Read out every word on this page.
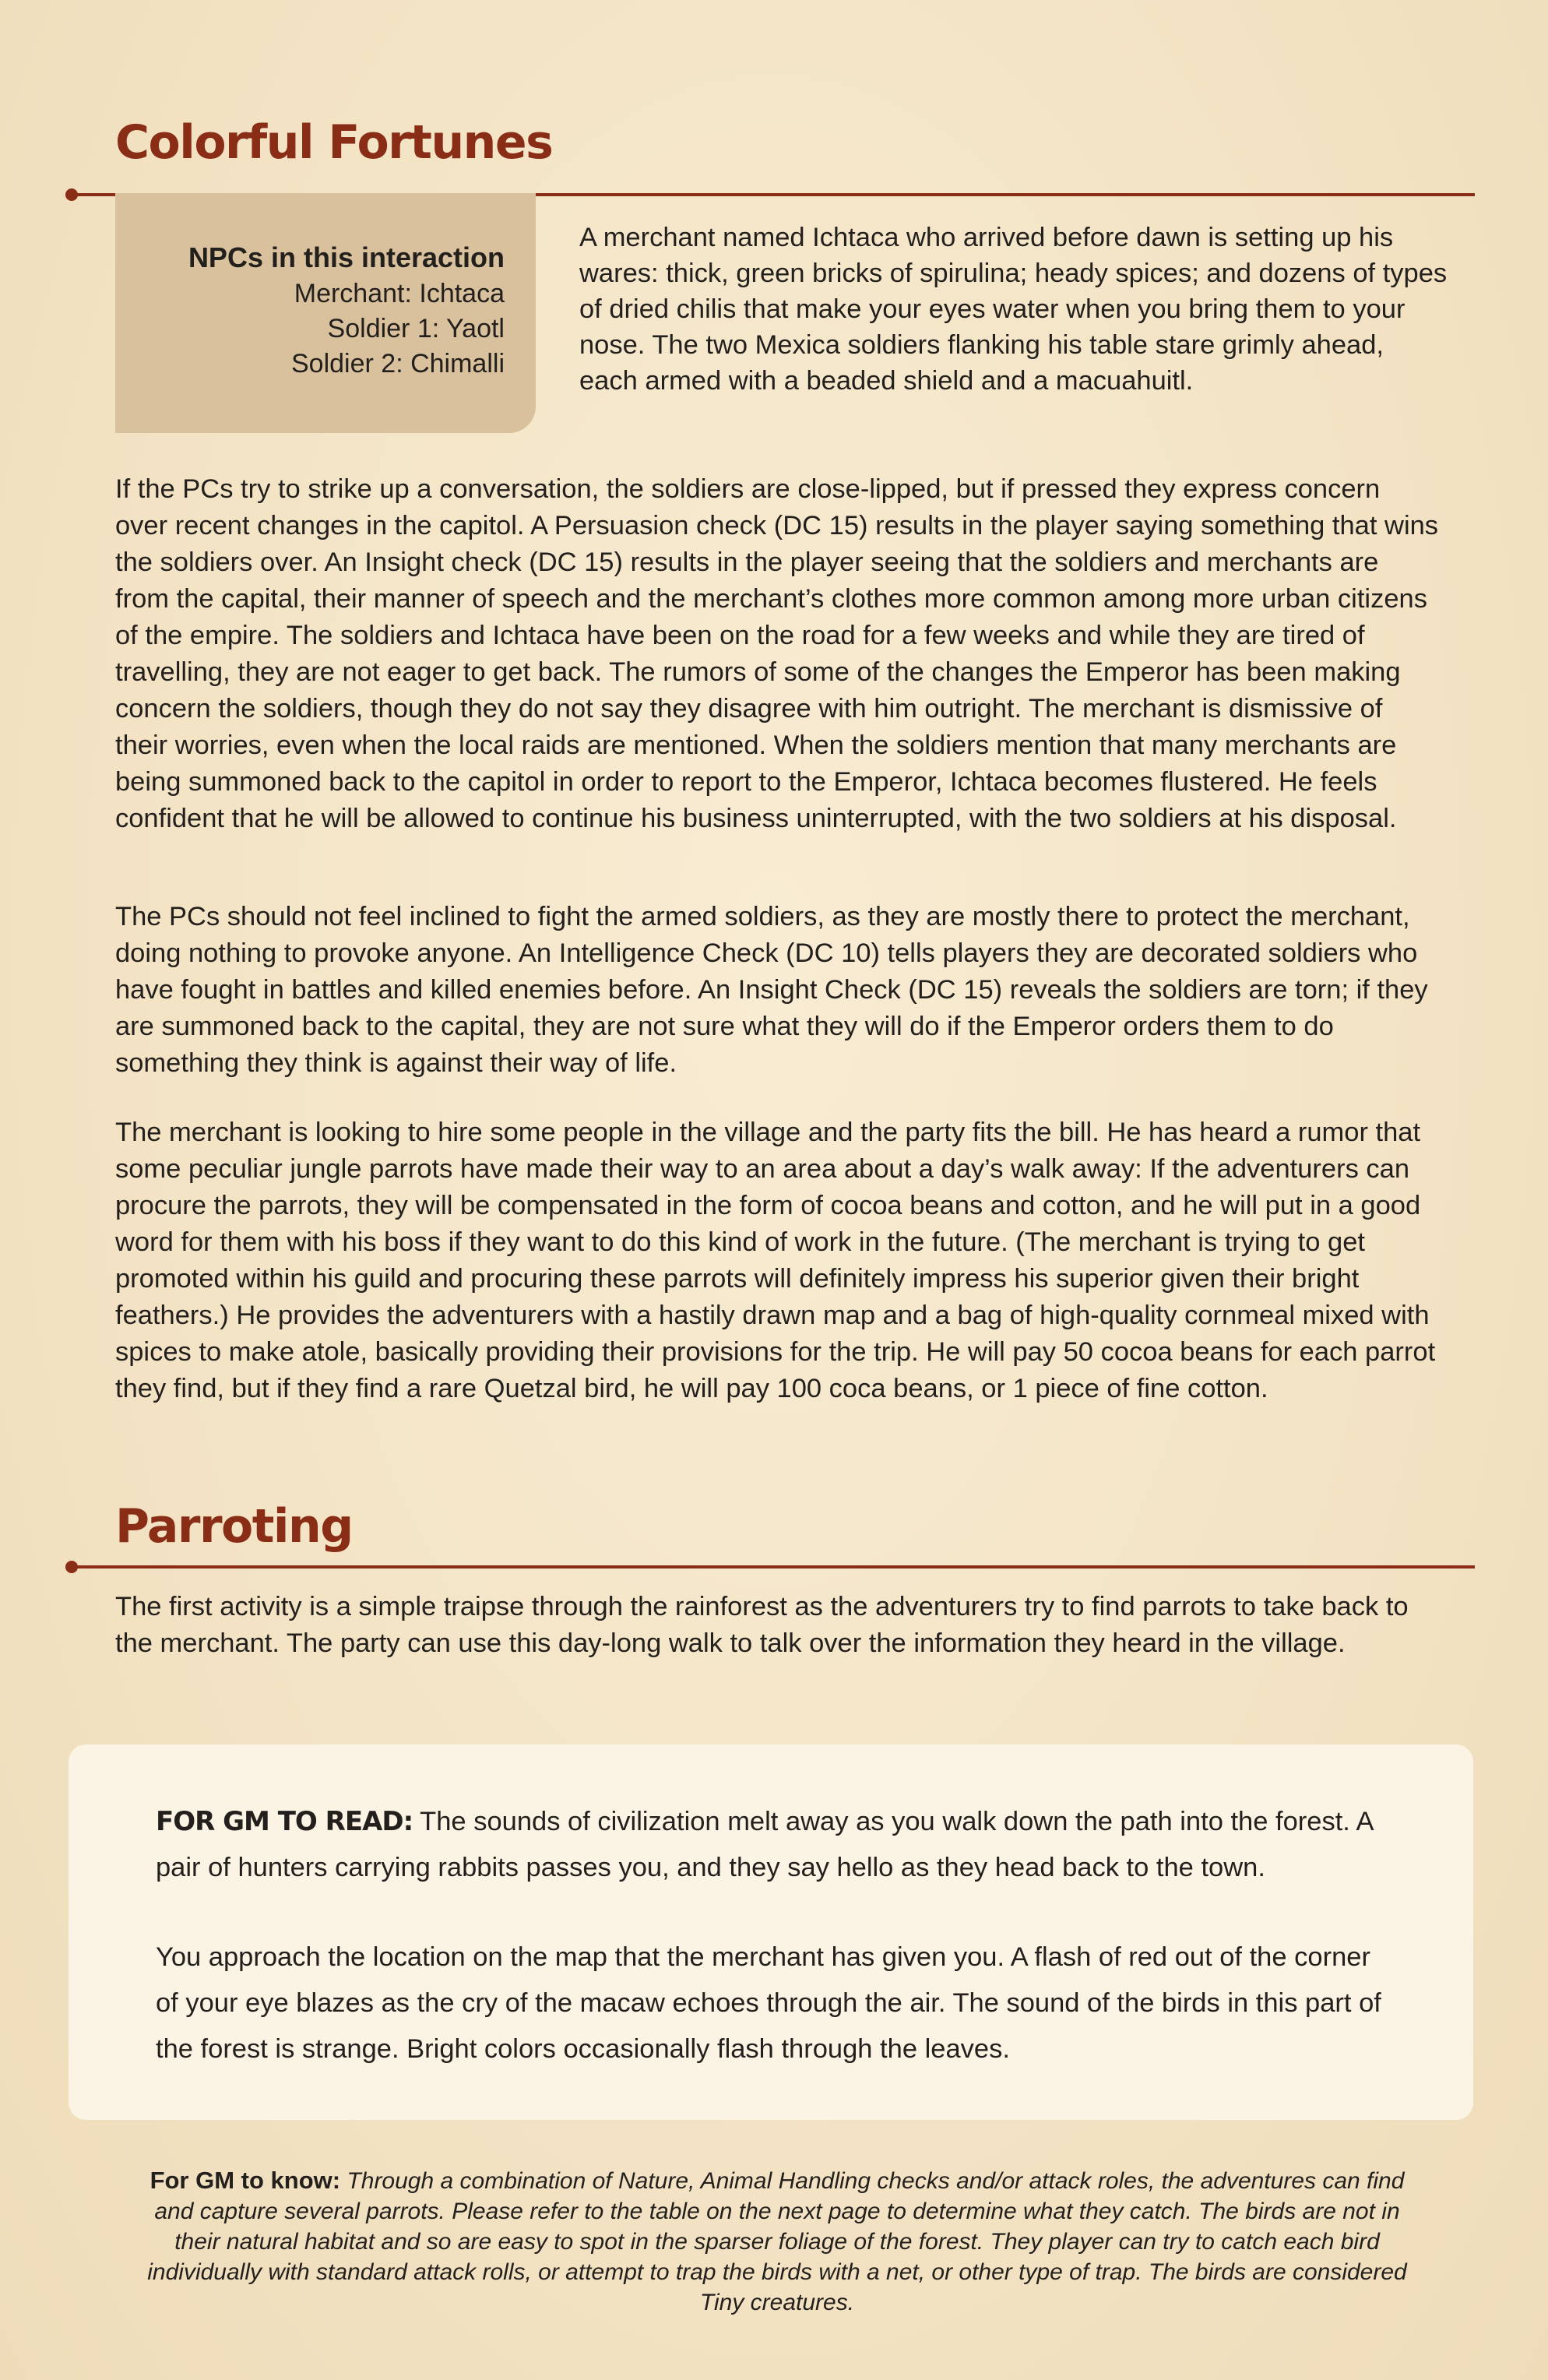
Colorful Fortunes
NPCs in this interaction
Merchant: Ichtaca
Soldier 1: Yaotl
Soldier 2: Chimalli

A merchant named Ichtaca who arrived before dawn is setting up his wares: thick, green bricks of spirulina; heady spices; and dozens of types of dried chilis that make your eyes water when you bring them to your nose. The two Mexica soldiers flanking his table stare grimly ahead, each armed with a beaded shield and a macuahuitl.

If the PCs try to strike up a conversation, the soldiers are close-lipped, but if pressed they express concern over recent changes in the capitol. A Persuasion check (DC 15) results in the player saying something that wins the soldiers over. An Insight check (DC 15) results in the player seeing that the soldiers and merchants are from the capital, their manner of speech and the merchant’s clothes more common among more urban citizens of the empire. The soldiers and Ichtaca have been on the road for a few weeks and while they are tired of travelling, they are not eager to get back. The rumors of some of the changes the Emperor has been making concern the soldiers, though they do not say they disagree with him outright. The merchant is dismissive of their worries, even when the local raids are mentioned. When the soldiers mention that many merchants are being summoned back to the capitol in order to report to the Emperor, Ichtaca becomes flustered. He feels confident that he will be allowed to continue his business uninterrupted, with the two soldiers at his disposal.

The PCs should not feel inclined to fight the armed soldiers, as they are mostly there to protect the merchant, doing nothing to provoke anyone. An Intelligence Check (DC 10) tells players they are decorated soldiers who have fought in battles and killed enemies before. An Insight Check (DC 15) reveals the soldiers are torn; if they are summoned back to the capital, they are not sure what they will do if the Emperor orders them to do something they think is against their way of life.

The merchant is looking to hire some people in the village and the party fits the bill. He has heard a rumor that some peculiar jungle parrots have made their way to an area about a day’s walk away: If the adventurers can procure the parrots, they will be compensated in the form of cocoa beans and cotton, and he will put in a good word for them with his boss if they want to do this kind of work in the future. (The merchant is trying to get promoted within his guild and procuring these parrots will definitely impress his superior given their bright feathers.) He provides the adventurers with a hastily drawn map and a bag of high-quality cornmeal mixed with spices to make atole, basically providing their provisions for the trip. He will pay 50 cocoa beans for each parrot they find, but if they find a rare Quetzal bird, he will pay 100 coca beans, or 1 piece of fine cotton.

Parroting

The first activity is a simple traipse through the rainforest as the adventurers try to find parrots to take back to the merchant. The party can use this day-long walk to talk over the information they heard in the village.

FOR GM TO READ: The sounds of civilization melt away as you walk down the path into the forest. A pair of hunters carrying rabbits passes you, and they say hello as they head back to the town.

You approach the location on the map that the merchant has given you. A flash of red out of the corner of your eye blazes as the cry of the macaw echoes through the air. The sound of the birds in this part of the forest is strange. Bright colors occasionally flash through the leaves.

For GM to know: Through a combination of Nature, Animal Handling checks and/or attack roles, the adventures can find and capture several parrots. Please refer to the table on the next page to determine what they catch. The birds are not in their natural habitat and so are easy to spot in the sparser foliage of the forest. They player can try to catch each bird individually with standard attack rolls, or attempt to trap the birds with a net, or other type of trap. The birds are considered Tiny creatures.
